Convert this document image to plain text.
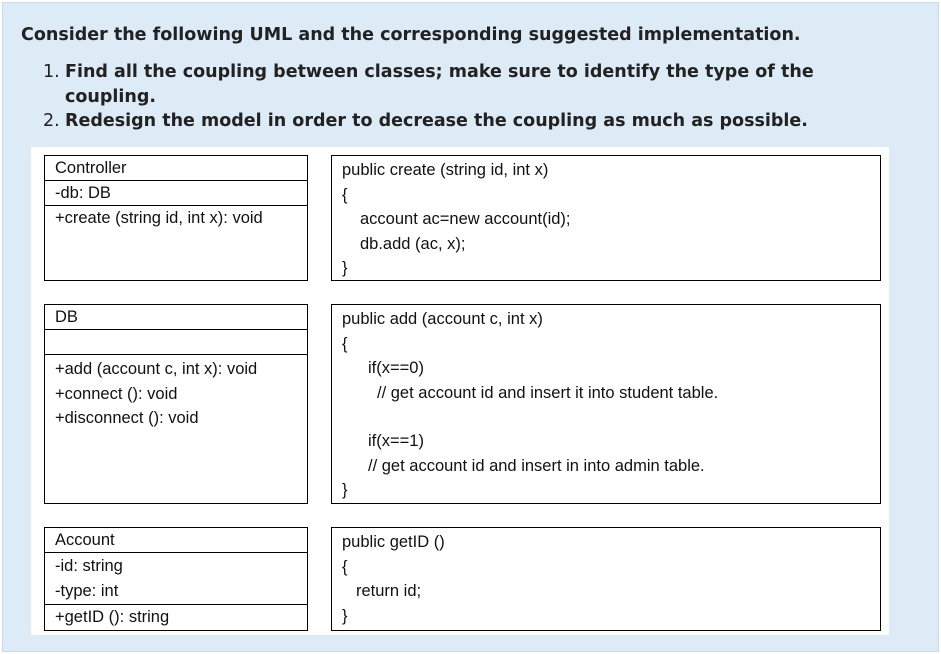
Consider the following UML and the corresponding suggested implementation.
1. Find all the coupling between classes; make sure to identify the type of the coupling.
2. Redesign the model in order to decrease the coupling as much as possible.
Controller
-db: DB
+create (string id, int x): void
public create (string id, int x)
{
account ac=new account(id);
db.add (ac, x);
}
DB
+add (account c, int x): void
+connect (): void
+disconnect (): void
public add (account c, int x)
{
if(x==0)
// get account id and insert it into student table.
if(x==1)
// get account id and insert in into admin table.
}
Account
-id: string
-type: int
+getID (): string
public getID ()
{
return id;
}
